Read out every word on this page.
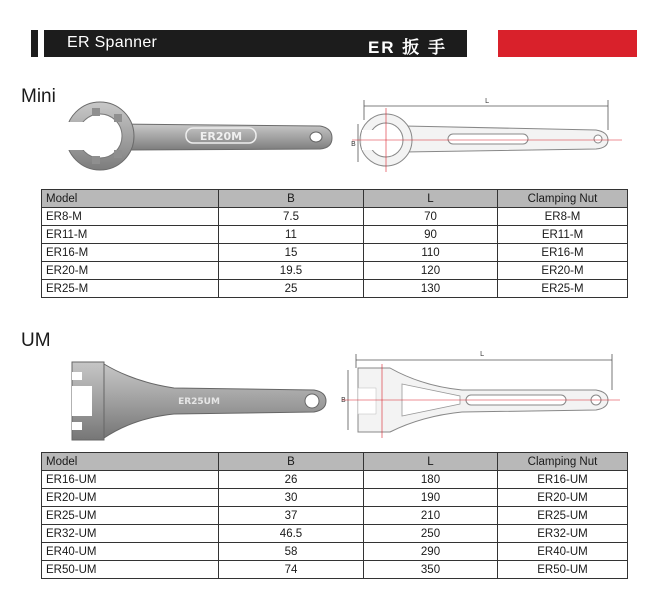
ER Spanner	ER 扳 手
Mini
ER20M
L
B
Model	B	L	Clamping Nut
ER8-M	7.5	70	ER8-M
ER11-M	11	90	ER11-M
ER16-M	15	110	ER16-M
ER20-M	19.5	120	ER20-M
ER25-M	25	130	ER25-M
UM
ER25UM
L
B
Model	B	L	Clamping Nut
ER16-UM	26	180	ER16-UM
ER20-UM	30	190	ER20-UM
ER25-UM	37	210	ER25-UM
ER32-UM	46.5	250	ER32-UM
ER40-UM	58	290	ER40-UM
ER50-UM	74	350	ER50-UM
